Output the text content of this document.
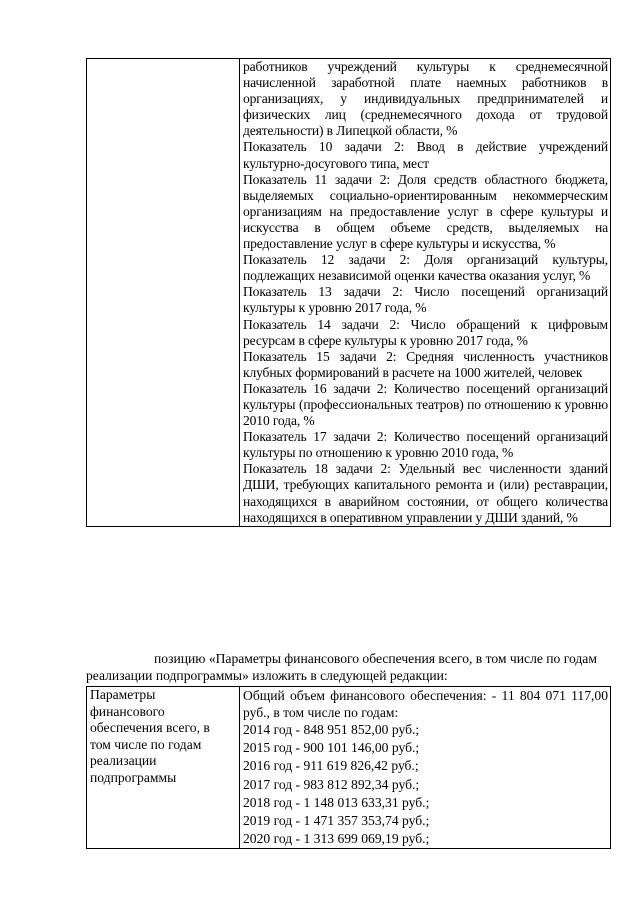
работников учреждений культуры к среднемесячной начисленной заработной плате наемных работников в организациях, у индивидуальных предпринимателей и физических лиц (среднемесячного дохода от трудовой деятельности) в Липецкой области, %
Показатель 10 задачи 2: Ввод в действие учреждений культурно-досугового типа, мест
Показатель 11 задачи 2: Доля средств областного бюджета, выделяемых социально-ориентированным некоммерческим организациям на предоставление услуг в сфере культуры и искусства в общем объеме средств, выделяемых на предоставление услуг в сфере культуры и искусства, %
Показатель 12 задачи 2: Доля организаций культуры, подлежащих независимой оценки качества оказания услуг, %
Показатель 13 задачи 2: Число посещений организаций культуры к уровню 2017 года, %
Показатель 14 задачи 2: Число обращений к цифровым ресурсам в сфере культуры к уровню 2017 года, %
Показатель 15 задачи 2: Средняя численность участников клубных формирований в расчете на 1000 жителей, человек
Показатель 16 задачи 2: Количество посещений организаций культуры (профессиональных театров) по отношению к уровню 2010 года, %
Показатель 17 задачи 2: Количество посещений организаций культуры по отношению к уровню 2010 года, %
Показатель 18 задачи 2: Удельный вес численности зданий ДШИ, требующих капитального ремонта и (или) реставрации, находящихся в аварийном состоянии, от общего количества находящихся в оперативном управлении у ДШИ зданий, %
позицию «Параметры финансового обеспечения всего, в том числе по годам реализации подпрограммы» изложить в следующей редакции:
Параметры
финансового
обеспечения всего, в
том числе по годам
реализации
подпрограммы

Общий объем финансового обеспечения: - 11 804 071 117,00 руб., в том числе по годам:
2014 год - 848 951 852,00 руб.;
2015 год - 900 101 146,00 руб.;
2016 год - 911 619 826,42 руб.;
2017 год - 983 812 892,34 руб.;
2018 год - 1 148 013 633,31 руб.;
2019 год - 1 471 357 353,74 руб.;
2020 год - 1 313 699 069,19 руб.;
